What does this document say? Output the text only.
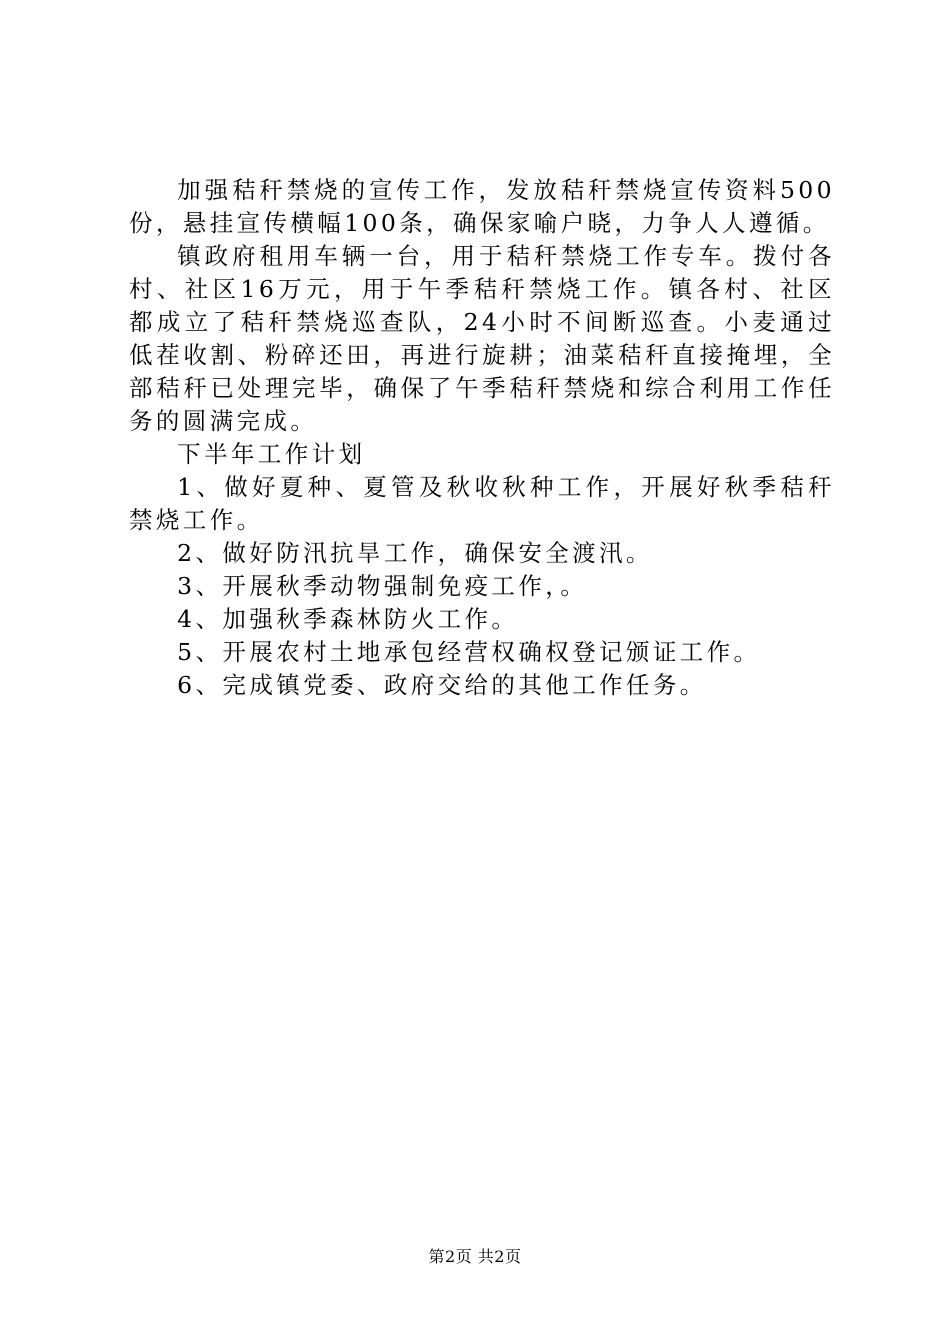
加强秸秆禁烧的宣传工作，发放秸秆禁烧宣传资料500份，悬挂宣传横幅100条，确保家喻户晓，力争人人遵循。

镇政府租用车辆一台，用于秸秆禁烧工作专车。拨付各村、社区16万元，用于午季秸秆禁烧工作。镇各村、社区都成立了秸秆禁烧巡查队，24小时不间断巡查。小麦通过低茬收割、粉碎还田，再进行旋耕；油菜秸秆直接掩埋，全部秸秆已处理完毕，确保了午季秸秆禁烧和综合利用工作任务的圆满完成。

下半年工作计划

1、做好夏种、夏管及秋收秋种工作，开展好秋季秸秆禁烧工作。

2、做好防汛抗旱工作，确保安全渡汛。

3、开展秋季动物强制免疫工作，。

4、加强秋季森林防火工作。

5、开展农村土地承包经营权确权登记颁证工作。

6、完成镇党委、政府交给的其他工作任务。

第2页 共2页
